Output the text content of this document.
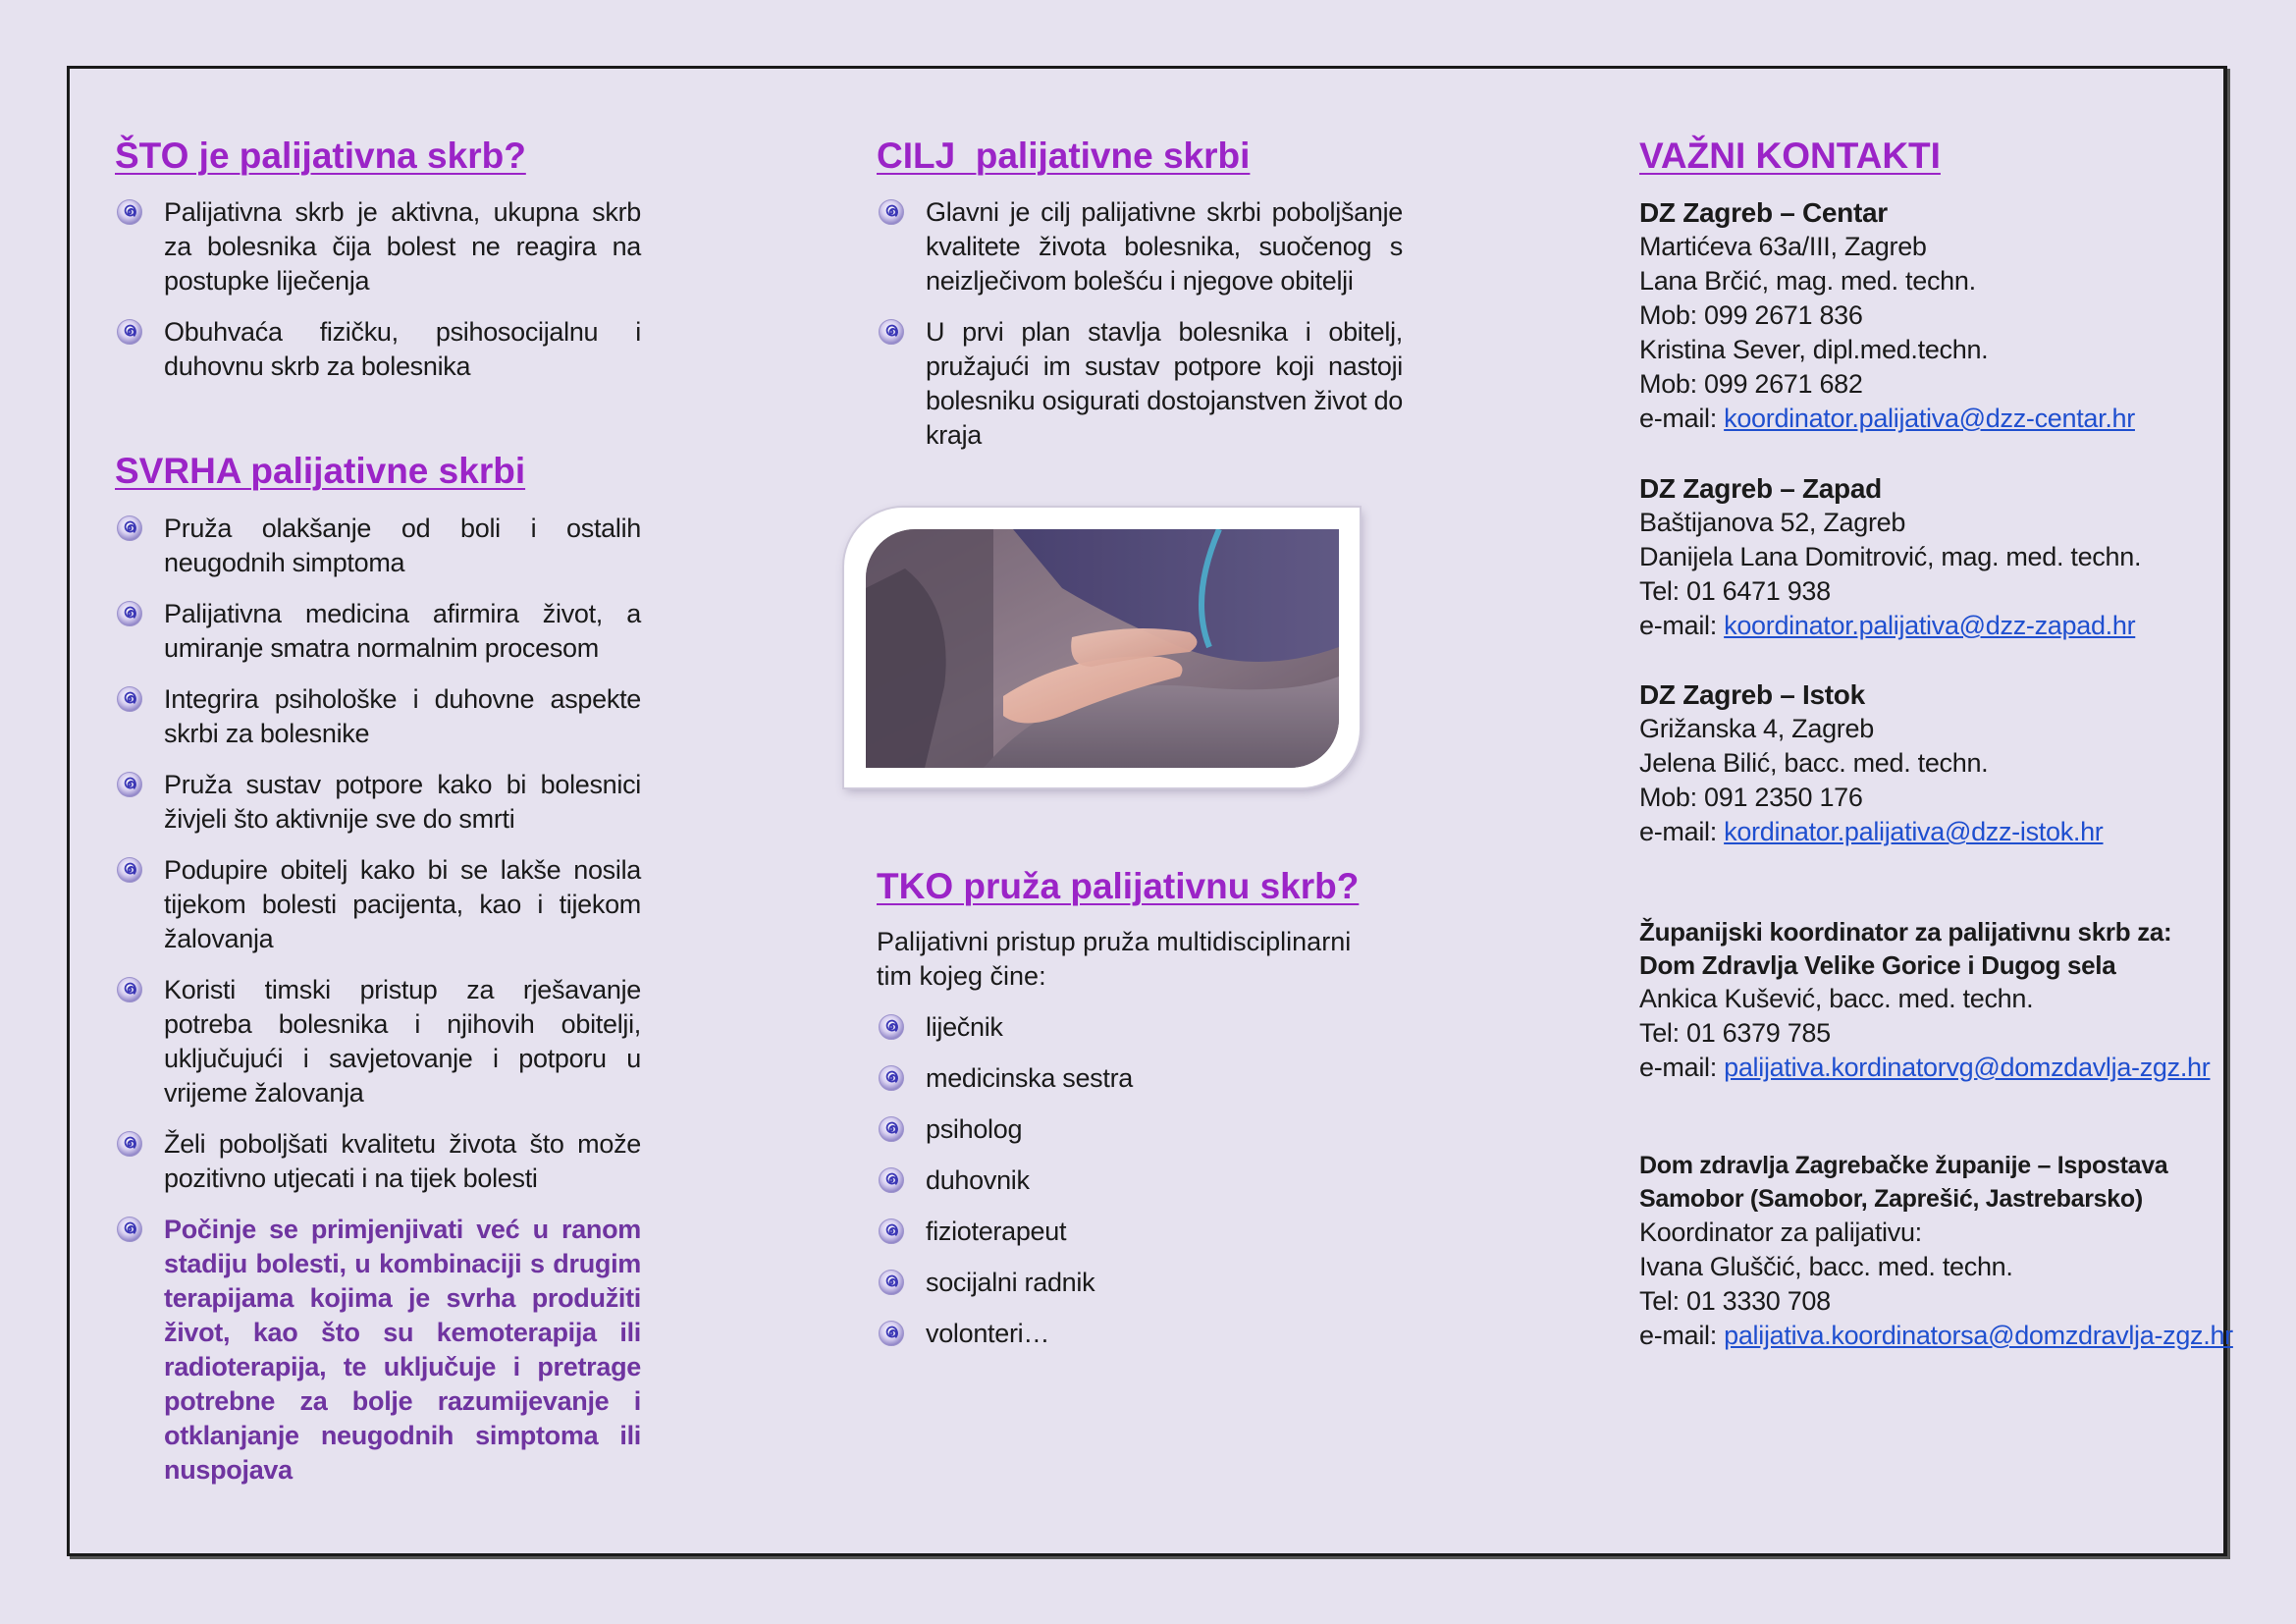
ŠTO je palijativna skrb?
Palijativna skrb je aktivna, ukupna skrb za bolesnika čija bolest ne reagira na postupke liječenja
Obuhvaća fizičku, psihosocijalnu i duhovnu skrb za bolesnika
SVRHA palijativne skrbi
Pruža olakšanje od boli i ostalih neugodnih simptoma
Palijativna medicina afirmira život, a umiranje smatra normalnim procesom
Integrira psihološke i duhovne aspekte skrbi za bolesnike
Pruža sustav potpore kako bi bolesnici živjeli što aktivnije sve do smrti
Podupire obitelj kako bi se lakše nosila tijekom bolesti pacijenta, kao i tijekom žalovanja
Koristi timski pristup za rješavanje potreba bolesnika i njihovih obitelji, uključujući i savjetovanje i potporu u vrijeme žalovanja
Želi poboljšati kvalitetu života što može pozitivno utjecati i na tijek bolesti
Počinje se primjenjivati već u ranom stadiju bolesti, u kombinaciji s drugim terapijama kojima je svrha produžiti život, kao što su kemoterapija ili radioterapija, te uključuje i pretrage potrebne za bolje razumijevanje i otklanjanje neugodnih simptoma ili nuspojava
CILJ  palijativne skrbi
Glavni je cilj palijativne skrbi poboljšanje kvalitete života bolesnika, suočenog s neizlječivom bolešću i njegove obitelji
U prvi plan stavlja bolesnika i obitelj, pružajući im sustav potpore koji nastoji bolesniku osigurati dostojanstven život do kraja
TKO pruža palijativnu skrb?

Palijativni pristup pruža multidisciplinarni tim kojeg čine:

liječnik
medicinska sestra
psiholog
duhovnik
fizioterapeut
socijalni radnik
volonteri…
VAŽNI KONTAKTI
DZ Zagreb – Centar
Martićeva 63a/III, Zagreb
Lana Brčić, mag. med. techn.
Mob: 099 2671 836
Kristina Sever, dipl.med.techn.
Mob: 099 2671 682
e-mail: koordinator.palijativa@dzz-centar.hr
DZ Zagreb – Zapad
Baštijanova 52, Zagreb
Danijela Lana Domitrović, mag. med. techn.
Tel: 01 6471 938
e-mail: koordinator.palijativa@dzz-zapad.hr
DZ Zagreb – Istok
Grižanska 4, Zagreb
Jelena Bilić, bacc. med. techn.
Mob: 091 2350 176
e-mail: kordinator.palijativa@dzz-istok.hr
Županijski koordinator za palijativnu skrb za: Dom Zdravlja Velike Gorice i Dugog sela
Ankica Kušević, bacc. med. techn.
Tel: 01 6379 785
e-mail: palijativa.kordinatorvg@domzdavlja-zgz.hr
Dom zdravlja Zagrebačke županije – Ispostava Samobor (Samobor, Zaprešić, Jastrebarsko)
Koordinator za palijativu:
Ivana Gluščić, bacc. med. techn.
Tel: 01 3330 708
e-mail: palijativa.koordinatorsa@domzdravlja-zgz.hr
